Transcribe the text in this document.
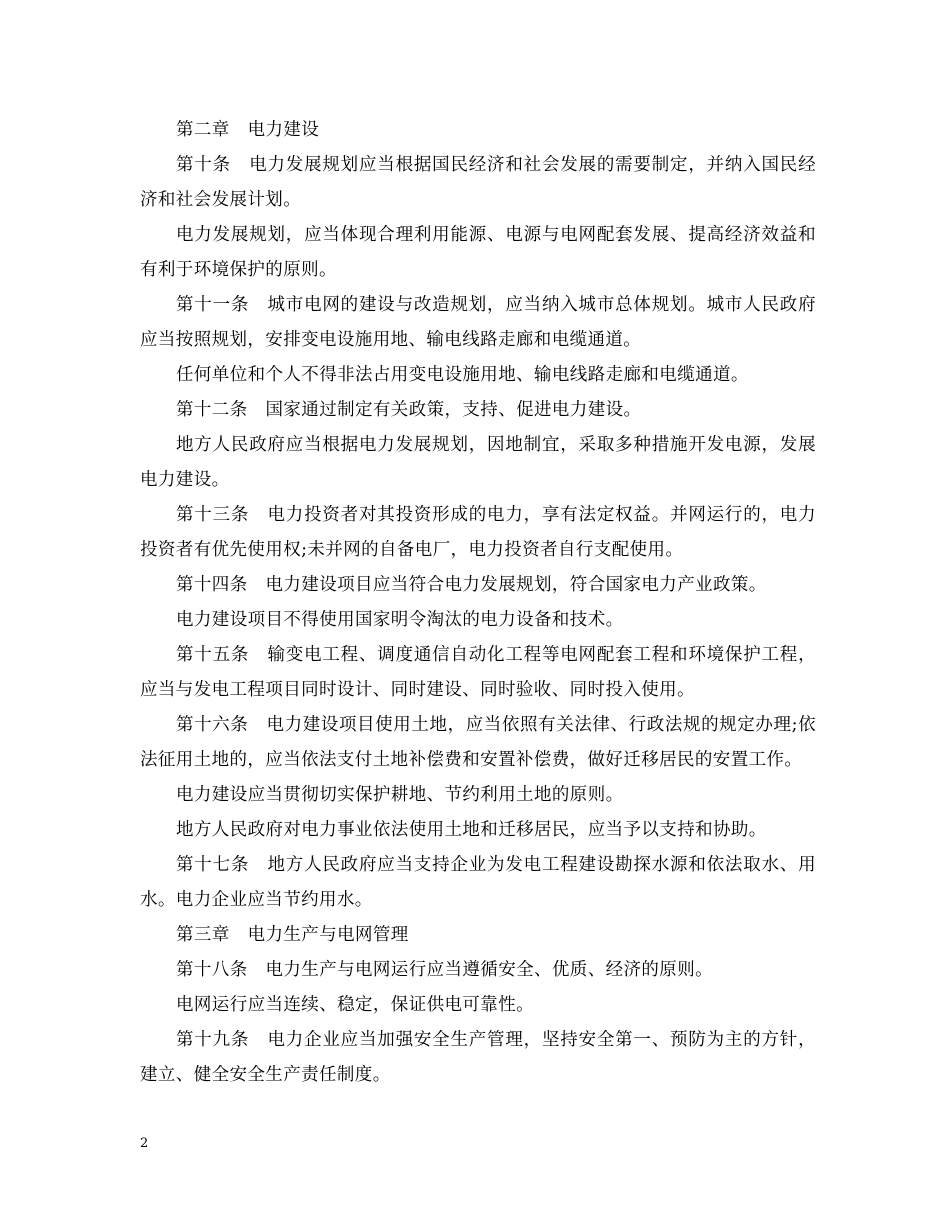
第二章　电力建设

第十条　电力发展规划应当根据国民经济和社会发展的需要制定，并纳入国民经济和社会发展计划。

电力发展规划，应当体现合理利用能源、电源与电网配套发展、提高经济效益和有利于环境保护的原则。

第十一条　城市电网的建设与改造规划，应当纳入城市总体规划。城市人民政府应当按照规划，安排变电设施用地、输电线路走廊和电缆通道。

任何单位和个人不得非法占用变电设施用地、输电线路走廊和电缆通道。

第十二条　国家通过制定有关政策，支持、促进电力建设。

地方人民政府应当根据电力发展规划，因地制宜，采取多种措施开发电源，发展电力建设。

第十三条　电力投资者对其投资形成的电力，享有法定权益。并网运行的，电力投资者有优先使用权;未并网的自备电厂，电力投资者自行支配使用。

第十四条　电力建设项目应当符合电力发展规划，符合国家电力产业政策。

电力建设项目不得使用国家明令淘汰的电力设备和技术。

第十五条　输变电工程、调度通信自动化工程等电网配套工程和环境保护工程，应当与发电工程项目同时设计、同时建设、同时验收、同时投入使用。

第十六条　电力建设项目使用土地，应当依照有关法律、行政法规的规定办理;依法征用土地的，应当依法支付土地补偿费和安置补偿费，做好迁移居民的安置工作。

电力建设应当贯彻切实保护耕地、节约利用土地的原则。

地方人民政府对电力事业依法使用土地和迁移居民，应当予以支持和协助。

第十七条　地方人民政府应当支持企业为发电工程建设勘探水源和依法取水、用水。电力企业应当节约用水。

第三章　电力生产与电网管理

第十八条　电力生产与电网运行应当遵循安全、优质、经济的原则。

电网运行应当连续、稳定，保证供电可靠性。

第十九条　电力企业应当加强安全生产管理，坚持安全第一、预防为主的方针，建立、健全安全生产责任制度。

2
